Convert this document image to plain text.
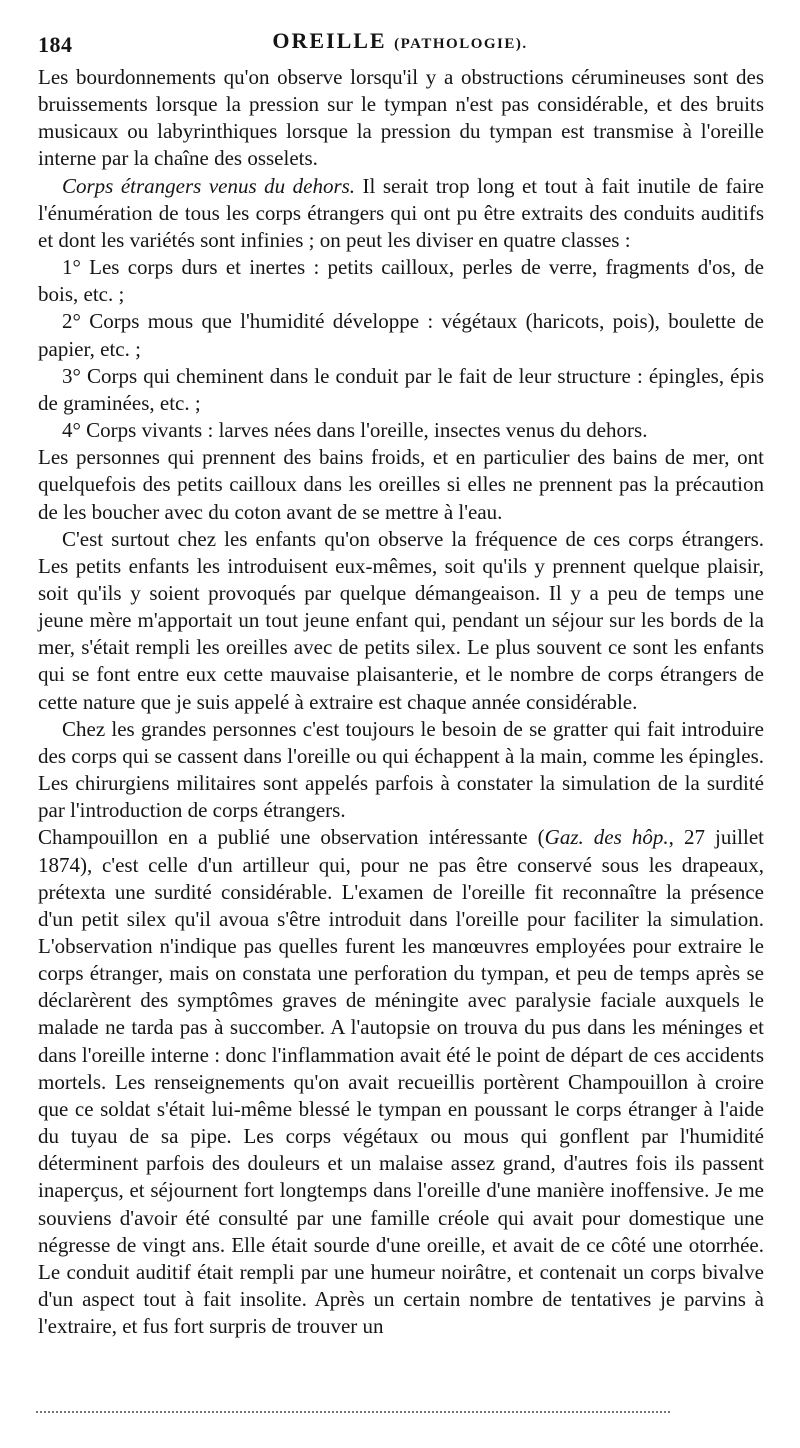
184	OREILLE (PATHOLOGIE).

Les bourdonnements qu'on observe lorsqu'il y a obstructions cérumineuses sont des bruissements lorsque la pression sur le tympan n'est pas considérable, et des bruits musicaux ou labyrinthiques lorsque la pression du tympan est transmise à l'oreille interne par la chaîne des osselets.

Corps étrangers venus du dehors. Il serait trop long et tout à fait inutile de faire l'énumération de tous les corps étrangers qui ont pu être extraits des conduits auditifs et dont les variétés sont infinies ; on peut les diviser en quatre classes :

1° Les corps durs et inertes : petits cailloux, perles de verre, fragments d'os, de bois, etc. ;

2° Corps mous que l'humidité développe : végétaux (haricots, pois), boulette de papier, etc. ;

3° Corps qui cheminent dans le conduit par le fait de leur structure : épingles, épis de graminées, etc. ;

4° Corps vivants : larves nées dans l'oreille, insectes venus du dehors.

Les personnes qui prennent des bains froids, et en particulier des bains de mer, ont quelquefois des petits cailloux dans les oreilles si elles ne prennent pas la précaution de les boucher avec du coton avant de se mettre à l'eau.

C'est surtout chez les enfants qu'on observe la fréquence de ces corps étrangers. Les petits enfants les introduisent eux-mêmes, soit qu'ils y prennent quelque plaisir, soit qu'ils y soient provoqués par quelque démangeaison. Il y a peu de temps une jeune mère m'apportait un tout jeune enfant qui, pendant un séjour sur les bords de la mer, s'était rempli les oreilles avec de petits silex. Le plus souvent ce sont les enfants qui se font entre eux cette mauvaise plaisanterie, et le nombre de corps étrangers de cette nature que je suis appelé à extraire est chaque année considérable.

Chez les grandes personnes c'est toujours le besoin de se gratter qui fait introduire des corps qui se cassent dans l'oreille ou qui échappent à la main, comme les épingles. Les chirurgiens militaires sont appelés parfois à constater la simulation de la surdité par l'introduction de corps étrangers.

Champouillon en a publié une observation intéressante (Gaz. des hôp., 27 juillet 1874), c'est celle d'un artilleur qui, pour ne pas être conservé sous les drapeaux, prétexta une surdité considérable. L'examen de l'oreille fit reconnaître la présence d'un petit silex qu'il avoua s'être introduit dans l'oreille pour faciliter la simulation. L'observation n'indique pas quelles furent les manœuvres employées pour extraire le corps étranger, mais on constata une perforation du tympan, et peu de temps après se déclarèrent des symptômes graves de méningite avec paralysie faciale auxquels le malade ne tarda pas à succomber. A l'autopsie on trouva du pus dans les méninges et dans l'oreille interne : donc l'inflammation avait été le point de départ de ces accidents mortels. Les renseignements qu'on avait recueillis portèrent Champouillon à croire que ce soldat s'était lui-même blessé le tympan en poussant le corps étranger à l'aide du tuyau de sa pipe. Les corps végétaux ou mous qui gonflent par l'humidité déterminent parfois des douleurs et un malaise assez grand, d'autres fois ils passent inaperçus, et séjournent fort longtemps dans l'oreille d'une manière inoffensive. Je me souviens d'avoir été consulté par une famille créole qui avait pour domestique une négresse de vingt ans. Elle était sourde d'une oreille, et avait de ce côté une otorrhée. Le conduit auditif était rempli par une humeur noirâtre, et contenait un corps bivalve d'un aspect tout à fait insolite. Après un certain nombre de tentatives je parvins à l'extraire, et fus fort surpris de trouver un
